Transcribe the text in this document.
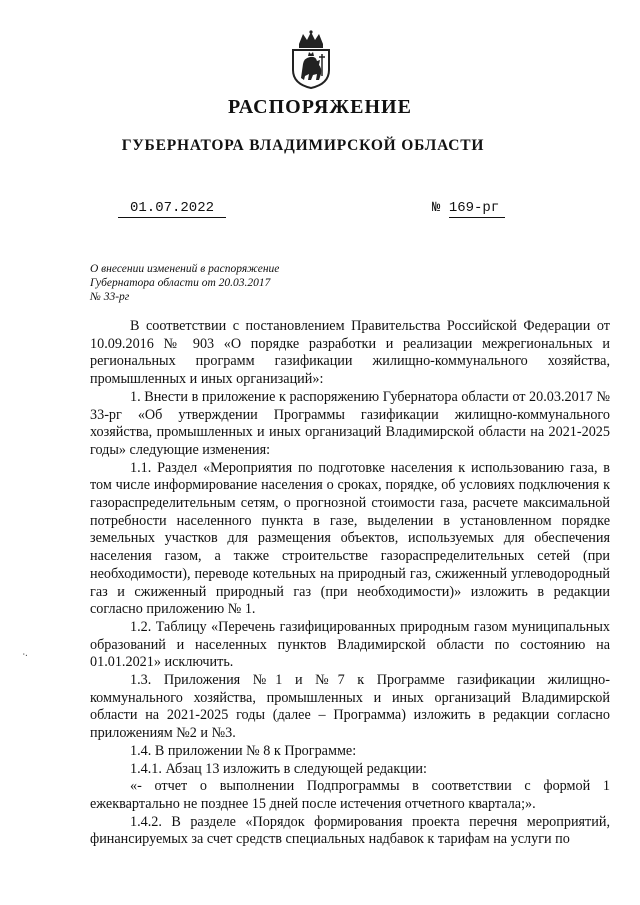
РАСПОРЯЖЕНИЕ
ГУБЕРНАТОРА ВЛАДИМИРСКОЙ ОБЛАСТИ
01.07.2022	№ 169-рг
О внесении изменений в распоряжение
Губернатора области от 20.03.2017
№ 33-рг

В соответствии с постановлением Правительства Российской Федерации от 10.09.2016 № 903 «О порядке разработки и реализации межрегиональных и региональных программ газификации жилищно-коммунального хозяйства, промышленных и иных организаций»:

1. Внести в приложение к распоряжению Губернатора области от 20.03.2017 № 33-рг «Об утверждении Программы газификации жилищно-коммунального хозяйства, промышленных и иных организаций Владимирской области на 2021-2025 годы» следующие изменения:

1.1. Раздел «Мероприятия по подготовке населения к использованию газа, в том числе информирование населения о сроках, порядке, об условиях подключения к газораспределительным сетям, о прогнозной стоимости газа, расчете максимальной потребности населенного пункта в газе, выделении в установленном порядке земельных участков для размещения объектов, используемых для обеспечения населения газом, а также строительстве газораспределительных сетей (при необходимости), переводе котельных на природный газ, сжиженный углеводородный газ и сжиженный природный газ (при необходимости)» изложить в редакции согласно приложению № 1.

1.2. Таблицу «Перечень газифицированных природным газом муниципальных образований и населенных пунктов Владимирской области по состоянию на 01.01.2021» исключить.

1.3. Приложения №1 и №7 к Программе газификации жилищно-коммунального хозяйства, промышленных и иных организаций Владимирской области на 2021-2025 годы (далее – Программа) изложить в редакции согласно приложениям №2 и №3.

1.4. В приложении № 8 к Программе:

1.4.1. Абзац 13 изложить в следующей редакции:

«- отчет о выполнении Подпрограммы в соответствии с формой 1 ежеквартально не позднее 15 дней после истечения отчетного квартала;».

1.4.2. В разделе «Порядок формирования проекта перечня мероприятий, финансируемых за счет средств специальных надбавок к тарифам на услуги по

∙·
